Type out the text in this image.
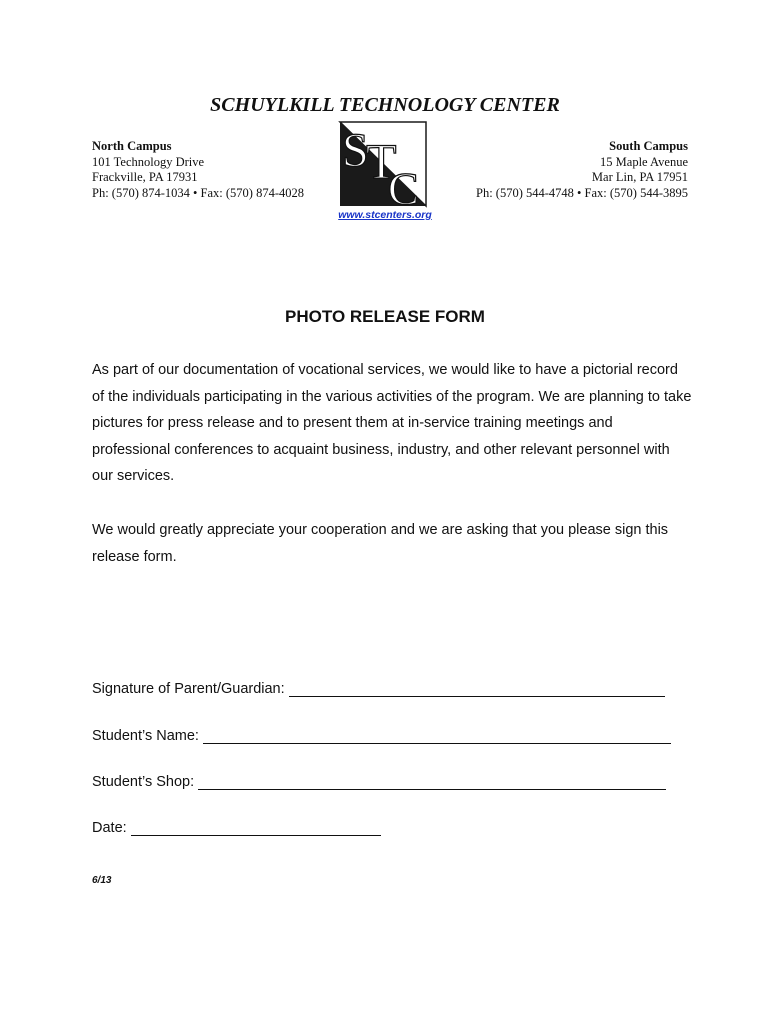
SCHUYLKILL TECHNOLOGY CENTER
North Campus
101 Technology Drive
Frackville, PA 17931
Ph: (570) 874-1034 • Fax: (570) 874-4028
S
T
C
South Campus
15 Maple Avenue
Mar Lin, PA 17951
Ph: (570) 544-4748 • Fax: (570) 544-3895
www.stcenters.org
PHOTO RELEASE FORM

As part of our documentation of vocational services, we would like to have a pictorial record of the individuals participating in the various activities of the program. We are planning to take pictures for press release and to present them at in-service training meetings and professional conferences to acquaint business, industry, and other relevant personnel with our services.

We would greatly appreciate your cooperation and we are asking that you please sign this release form.

Signature of Parent/Guardian:
Student’s Name:
Student’s Shop:
Date:
6/13
